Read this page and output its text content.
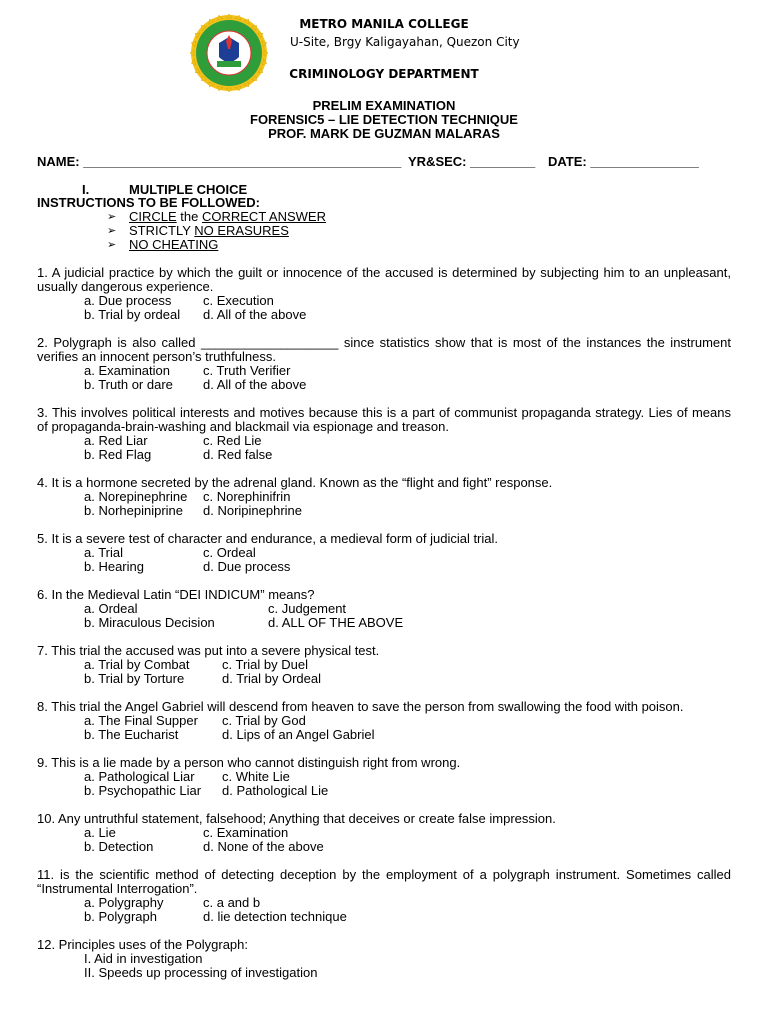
METRO MANILA COLLEGE
U-Site, Brgy Kaligayahan, Quezon City
CRIMINOLOGY DEPARTMENT
PRELIM EXAMINATION
FORENSIC5 – LIE DETECTION TECHNIQUE
PROF. MARK DE GUZMAN MALARAS
NAME: ____________________________________________ YR&SEC: _________ DATE: _______________
I.	MULTIPLE CHOICE
INSTRUCTIONS TO BE FOLLOWED:
➢ CIRCLE the CORRECT ANSWER
➢ STRICTLY NO ERASURES
➢ NO CHEATING
1. A judicial practice by which the guilt or innocence of the accused is determined by subjecting him to an unpleasant, usually dangerous experience.
a. Due process c. Execution
b. Trial by ordeal d. All of the above
2. Polygraph is also called ___________________ since statistics show that is most of the instances the instrument verifies an innocent person’s truthfulness.
a. Examination	c. Truth Verifier
b. Truth or dare d. All of the above
3. This involves political interests and motives because this is a part of communist propaganda strategy. Lies of means of propaganda-brain-washing and blackmail via espionage and treason.
a. Red Liar	c. Red Lie
b. Red Flag	d. Red false
4. It is a hormone secreted by the adrenal gland. Known as the “flight and fight” response.
a. Norepinephrine c. Norephinifrin
b. Norhepiniprine d. Noripinephrine
5. It is a severe test of character and endurance, a medieval form of judicial trial.
a. Trial	c. Ordeal
b. Hearing	d. Due process
6. In the Medieval Latin “DEI INDICUM” means?
a. Ordeal	c. Judgement
b. Miraculous Decision	d. ALL OF THE ABOVE
7. This trial the accused was put into a severe physical test.
a. Trial by Combat	c. Trial by Duel
b. Trial by Torture	d. Trial by Ordeal
8. This trial the Angel Gabriel will descend from heaven to save the person from swallowing the food with poison.
a. The Final Supper c. Trial by God
b. The Eucharist	d. Lips of an Angel Gabriel
9. This is a lie made by a person who cannot distinguish right from wrong.
a. Pathological Liar c. White Lie
b. Psychopathic Liar d. Pathological Lie
10. Any untruthful statement, falsehood; Anything that deceives or create false impression.
a. Lie	c. Examination
b. Detection	d. None of the above
11. is the scientific method of detecting deception by the employment of a polygraph instrument. Sometimes called “Instrumental Interrogation”.
a. Polygraphy	c. a and b
b. Polygraph	d. lie detection technique
12. Principles uses of the Polygraph:
I. Aid in investigation
II. Speeds up processing of investigation
